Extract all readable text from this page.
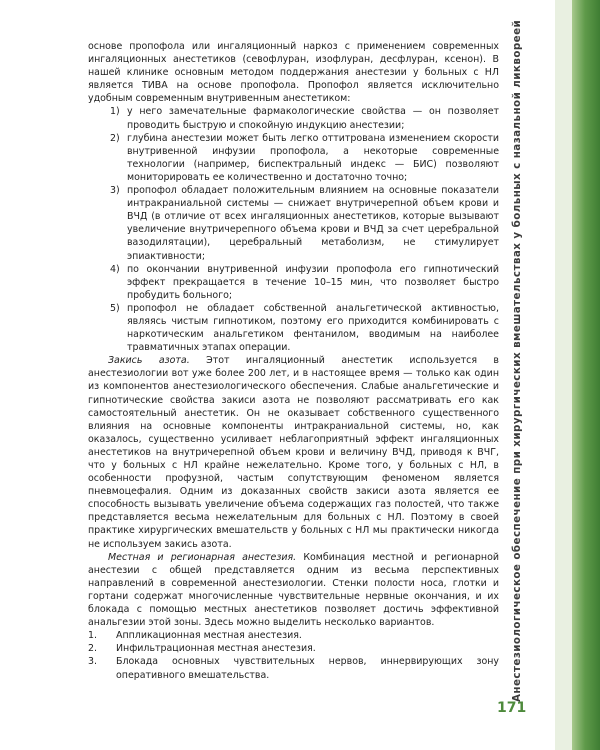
Анестезиологическое обеспечение при хирургических вмешательствах у больных с назальной ликвореей

основе пропофола или ингаляционный наркоз с применением современных ингаляционных анестетиков (севофлуран, изофлуран, десфлуран, ксенон). В нашей клинике основным методом поддержания анестезии у больных с НЛ является ТИВА на основе пропофола. Пропофол является исключительно удобным современным внутривенным анестетиком:

1) у него замечательные фармакологические свойства — он позволяет проводить быструю и спокойную индукцию анестезии;
2) глубина анестезии может быть легко оттитрована изменением скорости внутривенной инфузии пропофола, а некоторые современные технологии (например, биспектральный индекс — БИС) позволяют мониторировать ее количественно и достаточно точно;
3) пропофол обладает положительным влиянием на основные показатели интракраниальной системы — снижает внутричерепной объем крови и ВЧД (в отличие от всех ингаляционных анестетиков, которые вызывают увеличение внутричерепного объема крови и ВЧД за счет церебральной вазодилятации), церебральный метаболизм, не стимулирует эпиактивности;
4) по окончании внутривенной инфузии пропофола его гипнотический эффект прекращается в течение 10–15 мин, что позволяет быстро пробудить больного;
5) пропофол не обладает собственной анальгетической активностью, являясь чистым гипнотиком, поэтому его приходится комбинировать с наркотическим анальгетиком фентанилом, вводимым на наиболее травматичных этапах операции.

Закись азота. Этот ингаляционный анестетик используется в анестезиологии вот уже более 200 лет, и в настоящее время — только как один из компонентов анестезиологического обеспечения. Слабые анальгетические и гипнотические свойства закиси азота не позволяют рассматривать его как самостоятельный анестетик. Он не оказывает собственного существенного влияния на основные компоненты интракраниальной системы, но, как оказалось, существенно усиливает неблагоприятный эффект ингаляционных анестетиков на внутричерепной объем крови и величину ВЧД, приводя к ВЧГ, что у больных с НЛ крайне нежелательно. Кроме того, у больных с НЛ, в особенности профузной, частым сопутствующим феноменом является пневмоцефалия. Одним из доказанных свойств закиси азота является ее способность вызывать увеличение объема содержащих газ полостей, что также представляется весьма нежелательным для больных с НЛ. Поэтому в своей практике хирургических вмешательств у больных с НЛ мы практически никогда не используем закись азота.

Местная и регионарная анестезия. Комбинация местной и регионарной анестезии с общей представляется одним из весьма перспективных направлений в современной анестезиологии. Стенки полости носа, глотки и гортани содержат многочисленные чувствительные нервные окончания, и их блокада с помощью местных анестетиков позволяет достичь эффективной анальгезии этой зоны. Здесь можно выделить несколько вариантов.

1.	Аппликационная местная анестезия.
2.	Инфильтрационная местная анестезия.
3.	Блокада основных чувствительных нервов, иннервирующих зону оперативного вмешательства.
171
